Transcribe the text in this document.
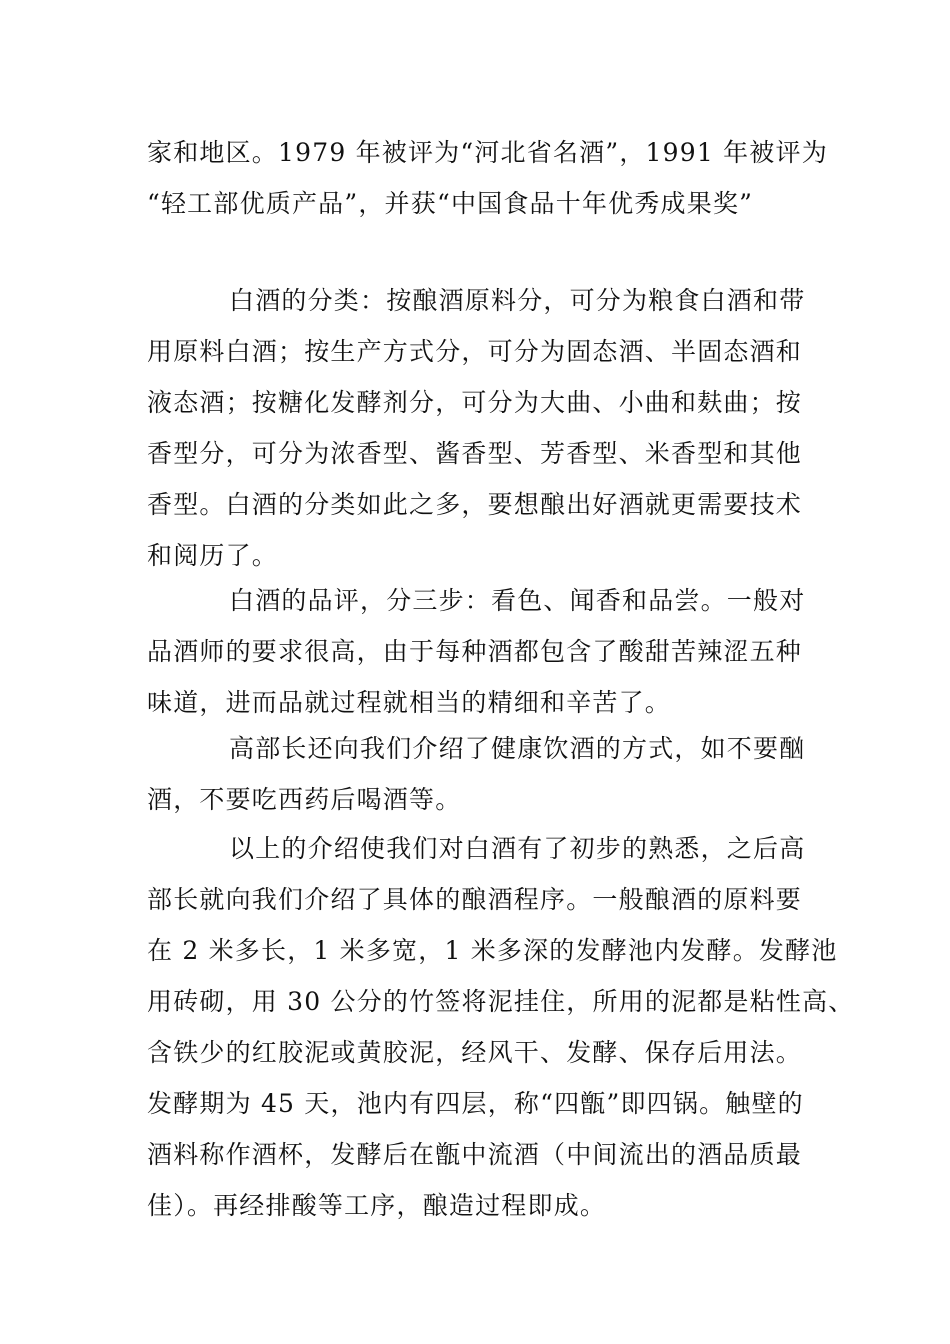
家和地区。1979 年被评为“河北省名酒”，1991 年被评为
“轻工部优质产品”，并获“中国食品十年优秀成果奖”
白酒的分类：按酿酒原料分，可分为粮食白酒和带
用原料白酒；按生产方式分，可分为固态酒、半固态酒和
液态酒；按糖化发酵剂分，可分为大曲、小曲和麸曲；按
香型分，可分为浓香型、酱香型、芳香型、米香型和其他
香型。白酒的分类如此之多，要想酿出好酒就更需要技术
和阅历了。
白酒的品评，分三步：看色、闻香和品尝。一般对
品酒师的要求很高，由于每种酒都包含了酸甜苦辣涩五种
味道，进而品就过程就相当的精细和辛苦了。
高部长还向我们介绍了健康饮酒的方式，如不要酗
酒，不要吃西药后喝酒等。
以上的介绍使我们对白酒有了初步的熟悉，之后高
部长就向我们介绍了具体的酿酒程序。一般酿酒的原料要
在 2 米多长，1 米多宽，1 米多深的发酵池内发酵。发酵池
用砖砌，用 30 公分的竹签将泥挂住，所用的泥都是粘性高、
含铁少的红胶泥或黄胶泥，经风干、发酵、保存后用法。
发酵期为 45 天，池内有四层，称“四甑”即四锅。触壁的
酒料称作酒杯，发酵后在甑中流酒（中间流出的酒品质最
佳）。再经排酸等工序，酿造过程即成。
